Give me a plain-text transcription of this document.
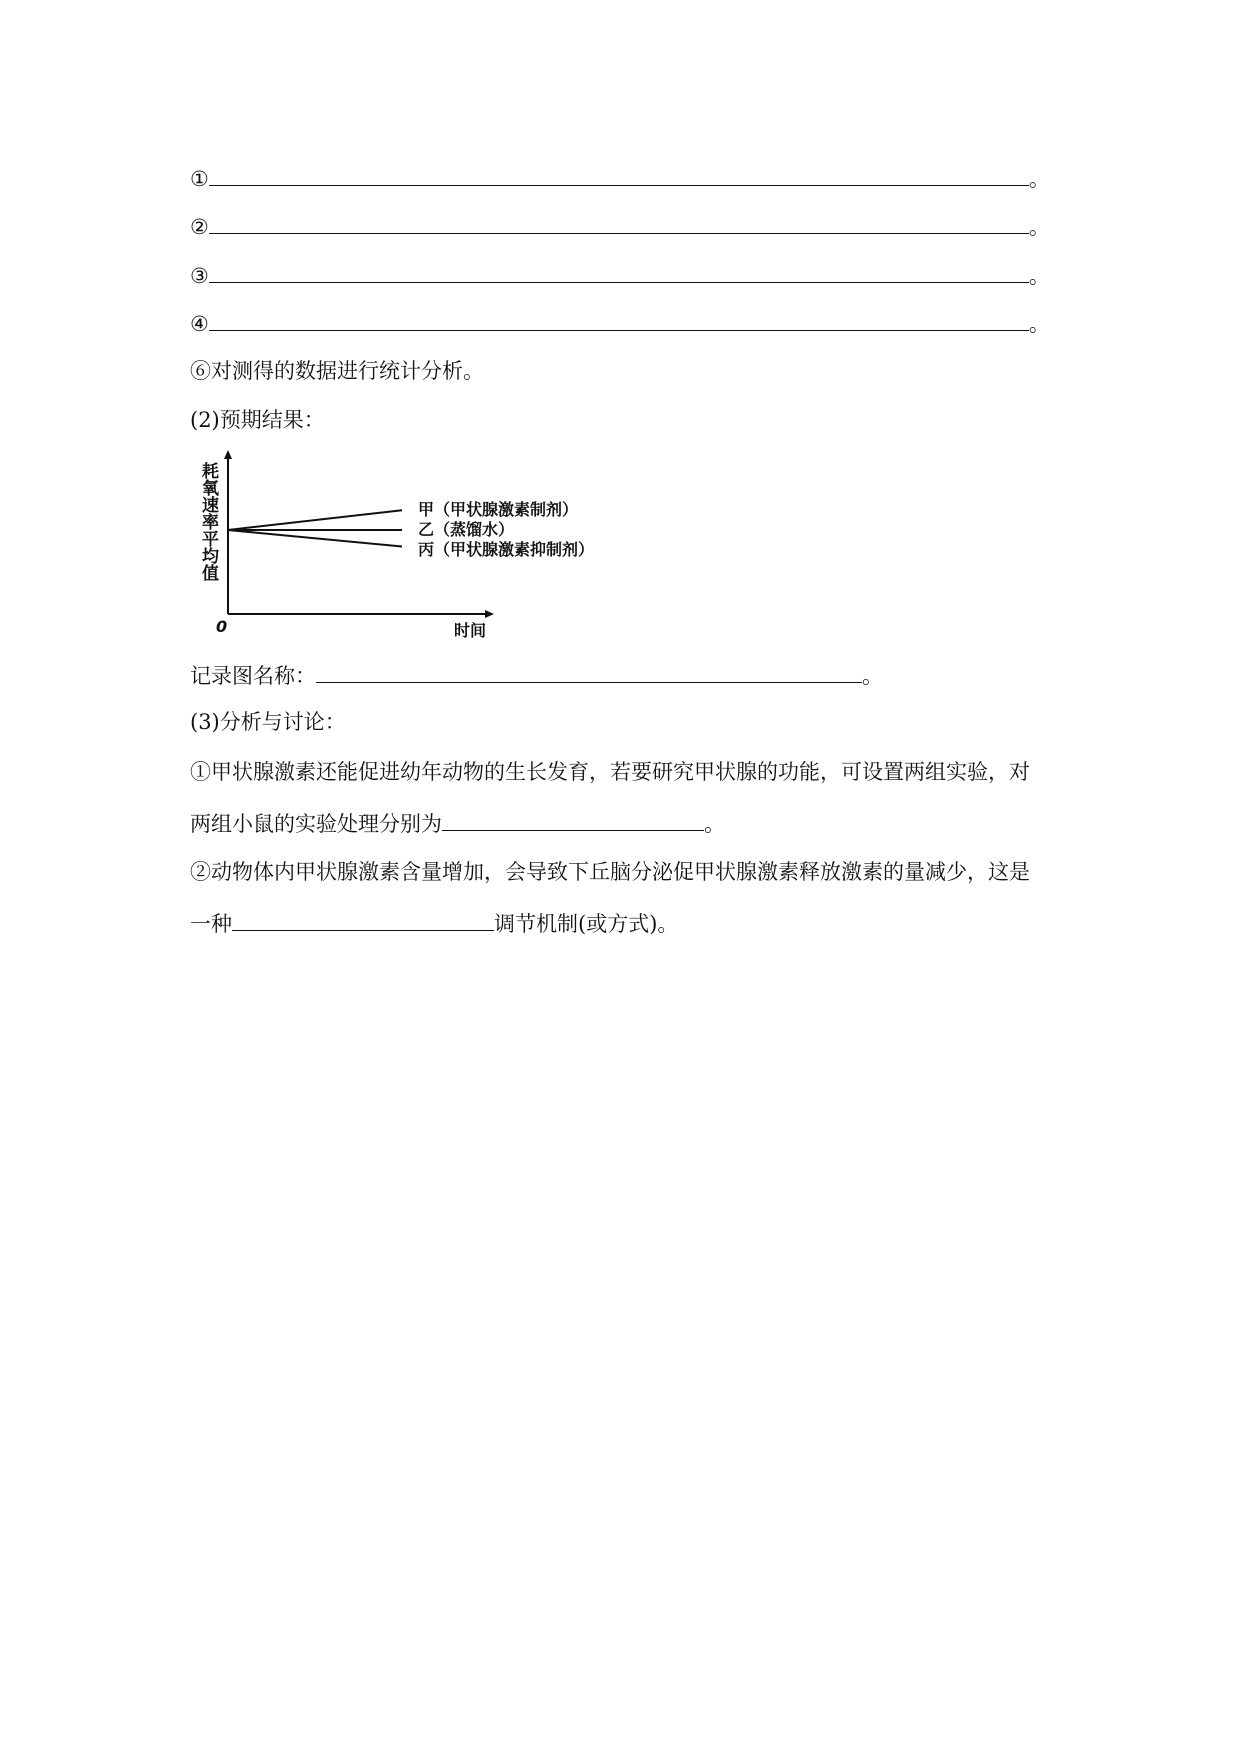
①	。
②	。
③	。
④	。
⑥对测得的数据进行统计分析。
(2)预期结果：
耗氧速率平均值
0	时间
甲（甲状腺激素制剂）
乙（蒸馏水）
丙（甲状腺激素抑制剂）
记录图名称：	。
(3)分析与讨论：
①甲状腺激素还能促进幼年动物的生长发育，若要研究甲状腺的功能，可设置两组实验，对
两组小鼠的实验处理分别为	。
②动物体内甲状腺激素含量增加，会导致下丘脑分泌促甲状腺激素释放激素的量减少，这是
一种	调节机制(或方式)。
